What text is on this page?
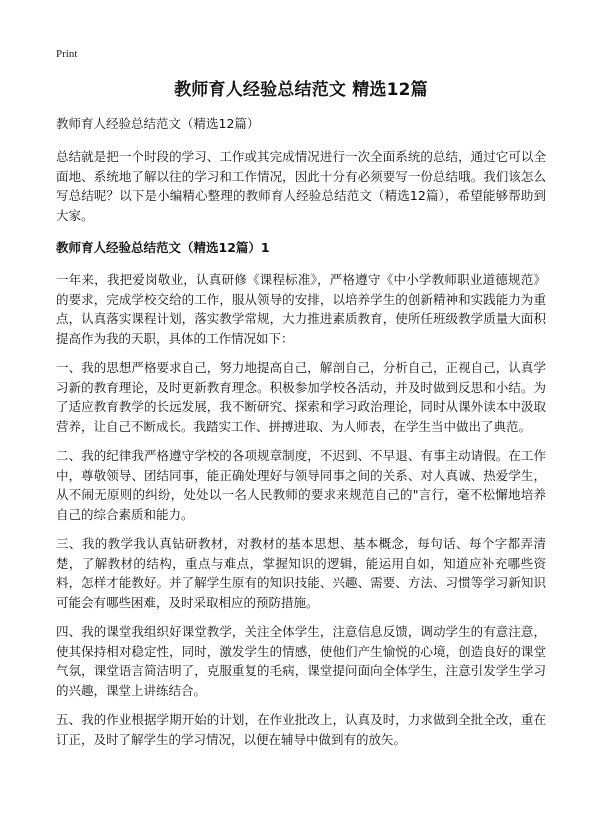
Print
教师育人经验总结范文 精选12篇
教师育人经验总结范文（精选12篇）

总结就是把一个时段的学习、工作或其完成情况进行一次全面系统的总结，通过它可以全面地、系统地了解以往的学习和工作情况，因此十分有必须要写一份总结哦。我们该怎么写总结呢？以下是小编精心整理的教师育人经验总结范文（精选12篇），希望能够帮助到大家。

教师育人经验总结范文（精选12篇）1

一年来，我把爱岗敬业，认真研修《课程标准》，严格遵守《中小学教师职业道德规范》的要求，完成学校交给的工作，服从领导的安排，以培养学生的创新精神和实践能力为重点，认真落实课程计划，落实教学常规，大力推进素质教育，使所任班级教学质量大面积提高作为我的天职，具体的工作情况如下：

一、我的思想严格要求自己，努力地提高自己，解剖自己，分析自己，正视自己，认真学习新的教育理论，及时更新教育理念。积极参加学校各活动，并及时做到反思和小结。为了适应教育教学的长远发展，我不断研究、探索和学习政治理论，同时从课外读本中汲取营养，让自己不断成长。我踏实工作、拼搏进取、为人师表，在学生当中做出了典范。

二、我的纪律我严格遵守学校的各项规章制度，不迟到、不早退、有事主动请假。在工作中，尊敬领导、团结同事，能正确处理好与领导同事之间的关系、对人真诚、热爱学生，从不闹无原则的纠纷，处处以一名人民教师的要求来规范自己的"言行，毫不松懈地培养自己的综合素质和能力。

三、我的教学我认真钻研教材，对教材的基本思想、基本概念，每句话、每个字都弄清楚，了解教材的结构，重点与难点，掌握知识的逻辑，能运用自如，知道应补充哪些资料，怎样才能教好。并了解学生原有的知识技能、兴趣、需要、方法、习惯等学习新知识可能会有哪些困难，及时采取相应的预防措施。

四、我的课堂我组织好课堂教学，关注全体学生，注意信息反馈，调动学生的有意注意，使其保持相对稳定性，同时，激发学生的情感，使他们产生愉悦的心境，创造良好的课堂气氛，课堂语言简洁明了，克服重复的毛病，课堂提问面向全体学生，注意引发学生学习的兴趣，课堂上讲练结合。

五、我的作业根据学期开始的计划，在作业批改上，认真及时，力求做到全批全改，重在订正，及时了解学生的学习情况，以便在辅导中做到有的放矢。
